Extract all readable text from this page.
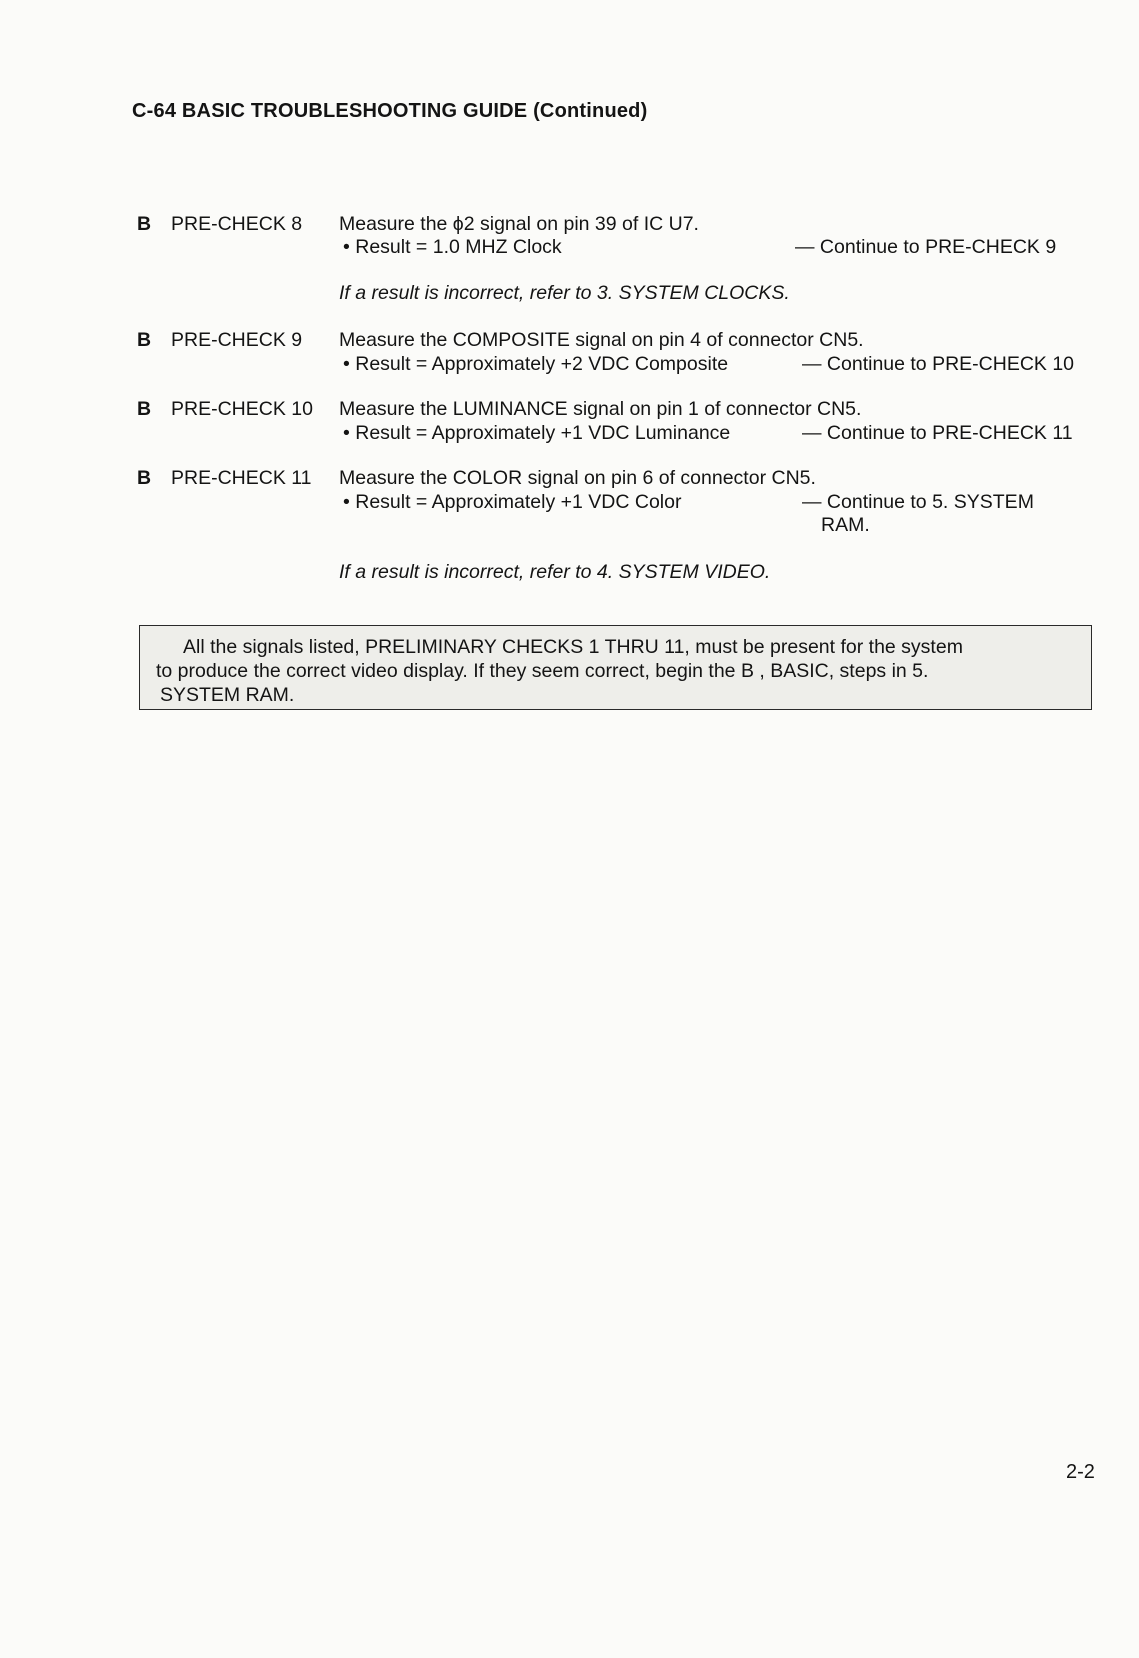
C-64 BASIC TROUBLESHOOTING GUIDE (Continued)
B PRE-CHECK 8 Measure the ϕ2 signal on pin 39 of IC U7.
• Result = 1.0 MHZ Clock	— Continue to PRE-CHECK 9
If a result is incorrect, refer to 3. SYSTEM CLOCKS.
B PRE-CHECK 9 Measure the COMPOSITE signal on pin 4 of connector CN5.
• Result = Approximately +2 VDC Composite	— Continue to PRE-CHECK 10
B PRE-CHECK 10 Measure the LUMINANCE signal on pin 1 of connector CN5.
• Result = Approximately +1 VDC Luminance	— Continue to PRE-CHECK 11
B PRE-CHECK 11 Measure the COLOR signal on pin 6 of connector CN5.
• Result = Approximately +1 VDC Color	— Continue to 5. SYSTEM
RAM.
If a result is incorrect, refer to 4. SYSTEM VIDEO.
All the signals listed, PRELIMINARY CHECKS 1 THRU 11, must be present for the system
to produce the correct video display. If they seem correct, begin the B , BASIC, steps in 5.
SYSTEM RAM.
2-2
